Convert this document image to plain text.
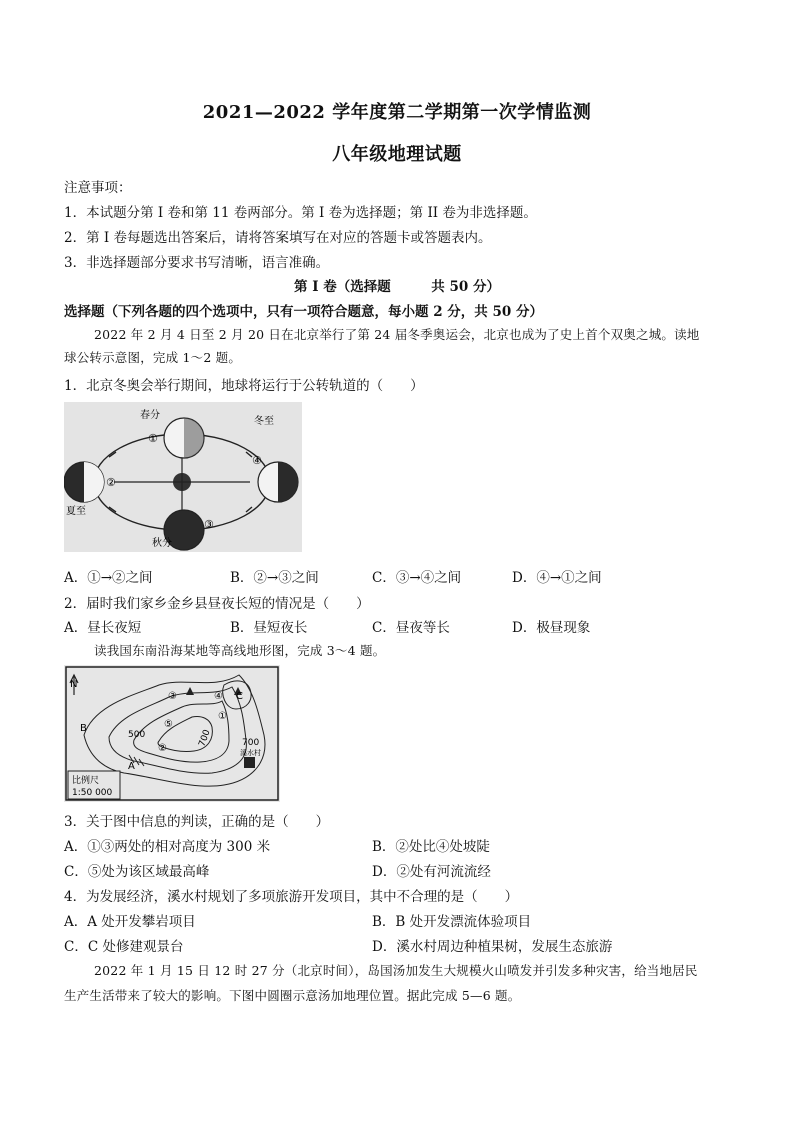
2021—2022 学年度第二学期第一次学情监测
八年级地理试题
注意事项：
1．本试题分第 I 卷和第 11 卷两部分。第 I 卷为选择题；第 II 卷为非选择题。
2．第 I 卷每题选出答案后，请将答案填写在对应的答题卡或答题表内。
3．非选择题部分要求书写清晰，语言准确。
第 I 卷（选择题　　　共 50 分）
选择题（下列各题的四个选项中，只有一项符合题意，每小题 2 分，共 50 分）
2022 年 2 月 4 日至 2 月 20 日在北京举行了第 24 届冬季奥运会，北京也成为了史上首个双奥之城。读地
球公转示意图，完成 1～2 题。
1．北京冬奥会举行期间，地球将运行于公转轨道的（　　）
春分
冬至
夏至
秋分
①
②
③
④
A．①→②之间	B．②→③之间	C．③→④之间	D．④→①之间
2．届时我们家乡金乡县昼夜长短的情况是（　　）
A．昼长夜短	B．昼短夜长	C．昼夜等长	D．极昼现象
读我国东南沿海某地等高线地形图，完成 3～4 题。
N
B
A
C
500	700	700
溪水村
比例尺
1:50 000
①
②
③	④
⑤
3．关于图中信息的判读，正确的是（　　）
A．①③两处的相对高度为 300 米	B．②处比④处坡陡
C．⑤处为该区域最高峰	D．②处有河流流经
4．为发展经济，溪水村规划了多项旅游开发项目，其中不合理的是（　　）
A．A 处开发攀岩项目	B．B 处开发漂流体验项目
C．C 处修建观景台	D．溪水村周边种植果树，发展生态旅游
2022 年 1 月 15 日 12 时 27 分（北京时间），岛国汤加发生大规模火山喷发并引发多种灾害，给当地居民
生产生活带来了较大的影响。下图中圆圈示意汤加地理位置。据此完成 5—6 题。
